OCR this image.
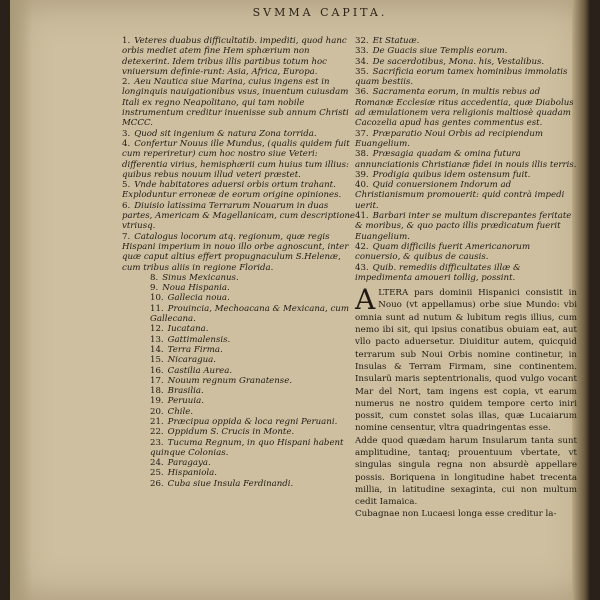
SVMMA CAPITA.

1. Veteres duabus difficultatib. impediti, quod hanc orbis mediet atem fine Hem sphærium non detexerint. Idem tribus illis partibus totum hoc vniuersum definie-runt: Asia, Africa, Europa.

2. Aeu Nautica siue Marina, cuius ingens est in longinquis nauigationibus vsus, inuentum cuiusdam Itali ex regno Neapolitano, qui tam nobile instrumentum creditur inuenisse sub annum Christi MCCC.

3. Quod sit ingenium & natura Zona torrida.

4. Confertur Nouus ille Mundus, (qualis quidem fuit cum reperiretur) cum hoc nostro siue Veteri: differentia virius, hemisphærii cum huius tum illius: quibus rebus nouum illud veteri præstet.

5. Vnde habitatores aduersi orbis ortum trahant. Exploduntur erroneæ de eorum origine opiniones.

6. Diuisio latissima Terrarum Nouarum in duas partes, Americam & Magellanicam, cum descriptione vtriusq.

7. Catalogus locorum atq. regionum, quæ regis Hispani imperium in nouo illo orbe agnoscunt, inter quæ caput altius effert propugnaculum S.Helenæ, cum tribus aliis in regione Florida.

8. Sinus Mexicanus.

9. Noua Hispania.

10. Gallecia noua.

11. Prouincia, Mechoacana & Mexicana, cum Gallecana.

12. Iucatana.

13. Gattimalensis.

14. Terra Firma.

15. Nicaragua.

16. Castilia Aurea.

17. Nouum regnum Granatense.

18. Brasilia.

19. Peruuia.

20. Chile.

21. Præcipua oppida & loca regni Peruani.

22. Oppidum S. Crucis in Monte.

23. Tucuma Regnum, in quo Hispani habent quinque Colonias.

24. Paragaya.

25. Hispaniola.

26. Cuba siue Insula Ferdinandi.

32. Et Statuæ.

33. De Guacis siue Templis eorum.

34. De sacerdotibus, Mona. his, Vestalibus.

35. Sacrificia eorum tamex hominibus immolatis quam bestiis.

36. Sacramenta eorum, in multis rebus ad Romanæ Ecclesiæ ritus accedentia, quæ Diabolus ad æmulationem vera religionis maltiosè quadam Cacozelia apud has gentes commentus est.

37. Præparatio Noui Orbis ad recipiendum Euangelium.

38. Præsagia quadam & omina futura annunciationis Christianæ fidei in nouis illis terris.

39. Prodigia quibus idem ostensum fuit.

40. Quid conuersionem Indorum ad Christianismum promouerit: quid contrà impedi uerit.

41. Barbari inter se multum discrepantes feritate & moribus, & quo pacto illis prædicatum fuerit Euangelium.

42. Quam difficilis fuerit Americanorum conuersio, & quibus de causis.

43. Quib. remediis difficultates illæ & impedimenta amoueri tollig, possint.

ALTERA pars dominii Hispanici consistit in Nouo (vt appellamus) orbe siue Mundo: vbi omnia sunt ad nutum & lubitum regis illius, cum nemo ibi sit, qui ipsius conatibus obuiam eat, aut vllo pacto aduersetur. Diuiditur autem, quicquid terrarum sub Noui Orbis nomine continetur, in Insulas & Terram Firmam, sine continentem. Insularũ maris septentrionalis, quod vulgo vocant Mar del Nort, tam ingens est copia, vt earum numerus ne nostro quidem tempore certo iniri possit, cum constet solas illas, quæ Lucaiarum nomine censentur, vltra quadringentas esse.

Adde quod quædam harum Insularum tanta sunt amplitudine, tantaq; prouentuum vbertate, vt singulas singula regna non absurdè appellare possis. Boriquena in longitudine habet trecenta millia, in latitudine sexaginta, cui non multum cedit Iamaica.

Cubagnae non Lucaesi longa esse creditur la-
